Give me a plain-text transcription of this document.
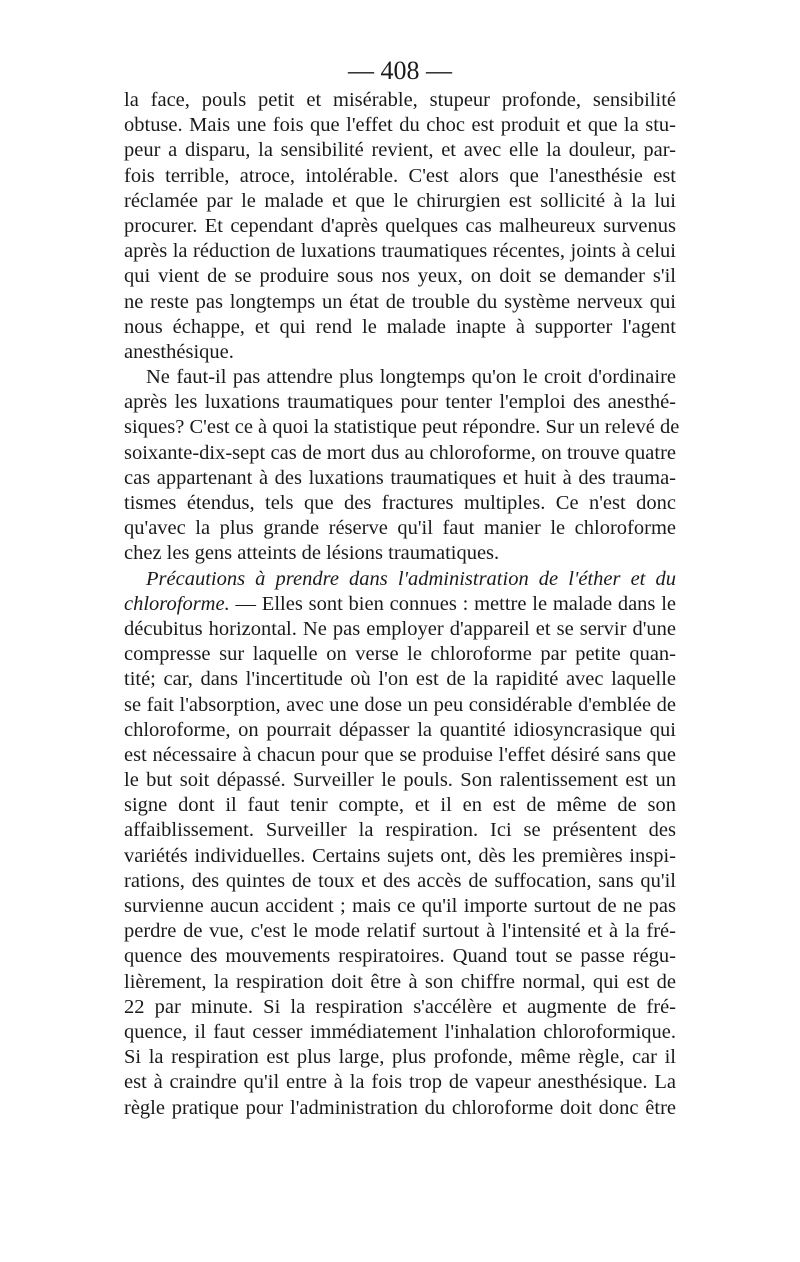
— 408 —
la face, pouls petit et misérable, stupeur profonde, sensibilité
obtuse. Mais une fois que l'effet du choc est produit et que la stu-
peur a disparu, la sensibilité revient, et avec elle la douleur, par-
fois terrible, atroce, intolérable. C'est alors que l'anesthésie est
réclamée par le malade et que le chirurgien est sollicité à la lui
procurer. Et cependant d'après quelques cas malheureux survenus
après la réduction de luxations traumatiques récentes, joints à celui
qui vient de se produire sous nos yeux, on doit se demander s'il
ne reste pas longtemps un état de trouble du système nerveux qui
nous échappe, et qui rend le malade inapte à supporter l'agent
anesthésique.
Ne faut-il pas attendre plus longtemps qu'on le croit d'ordinaire
après les luxations traumatiques pour tenter l'emploi des anesthé-
siques? C'est ce à quoi la statistique peut répondre. Sur un relevé de
soixante-dix-sept cas de mort dus au chloroforme, on trouve quatre
cas appartenant à des luxations traumatiques et huit à des trauma-
tismes étendus, tels que des fractures multiples. Ce n'est donc
qu'avec la plus grande réserve qu'il faut manier le chloroforme
chez les gens atteints de lésions traumatiques.
Précautions à prendre dans l'administration de l'éther et du
chloroforme. — Elles sont bien connues : mettre le malade dans le
décubitus horizontal. Ne pas employer d'appareil et se servir d'une
compresse sur laquelle on verse le chloroforme par petite quan-
tité; car, dans l'incertitude où l'on est de la rapidité avec laquelle
se fait l'absorption, avec une dose un peu considérable d'emblée de
chloroforme, on pourrait dépasser la quantité idiosyncrasique qui
est nécessaire à chacun pour que se produise l'effet désiré sans que
le but soit dépassé. Surveiller le pouls. Son ralentissement est un
signe dont il faut tenir compte, et il en est de même de son
affaiblissement. Surveiller la respiration. Ici se présentent des
variétés individuelles. Certains sujets ont, dès les premières inspi-
rations, des quintes de toux et des accès de suffocation, sans qu'il
survienne aucun accident ; mais ce qu'il importe surtout de ne pas
perdre de vue, c'est le mode relatif surtout à l'intensité et à la fré-
quence des mouvements respiratoires. Quand tout se passe régu-
lièrement, la respiration doit être à son chiffre normal, qui est de
22 par minute. Si la respiration s'accélère et augmente de fré-
quence, il faut cesser immédiatement l'inhalation chloroformique.
Si la respiration est plus large, plus profonde, même règle, car il
est à craindre qu'il entre à la fois trop de vapeur anesthésique. La
règle pratique pour l'administration du chloroforme doit donc être
